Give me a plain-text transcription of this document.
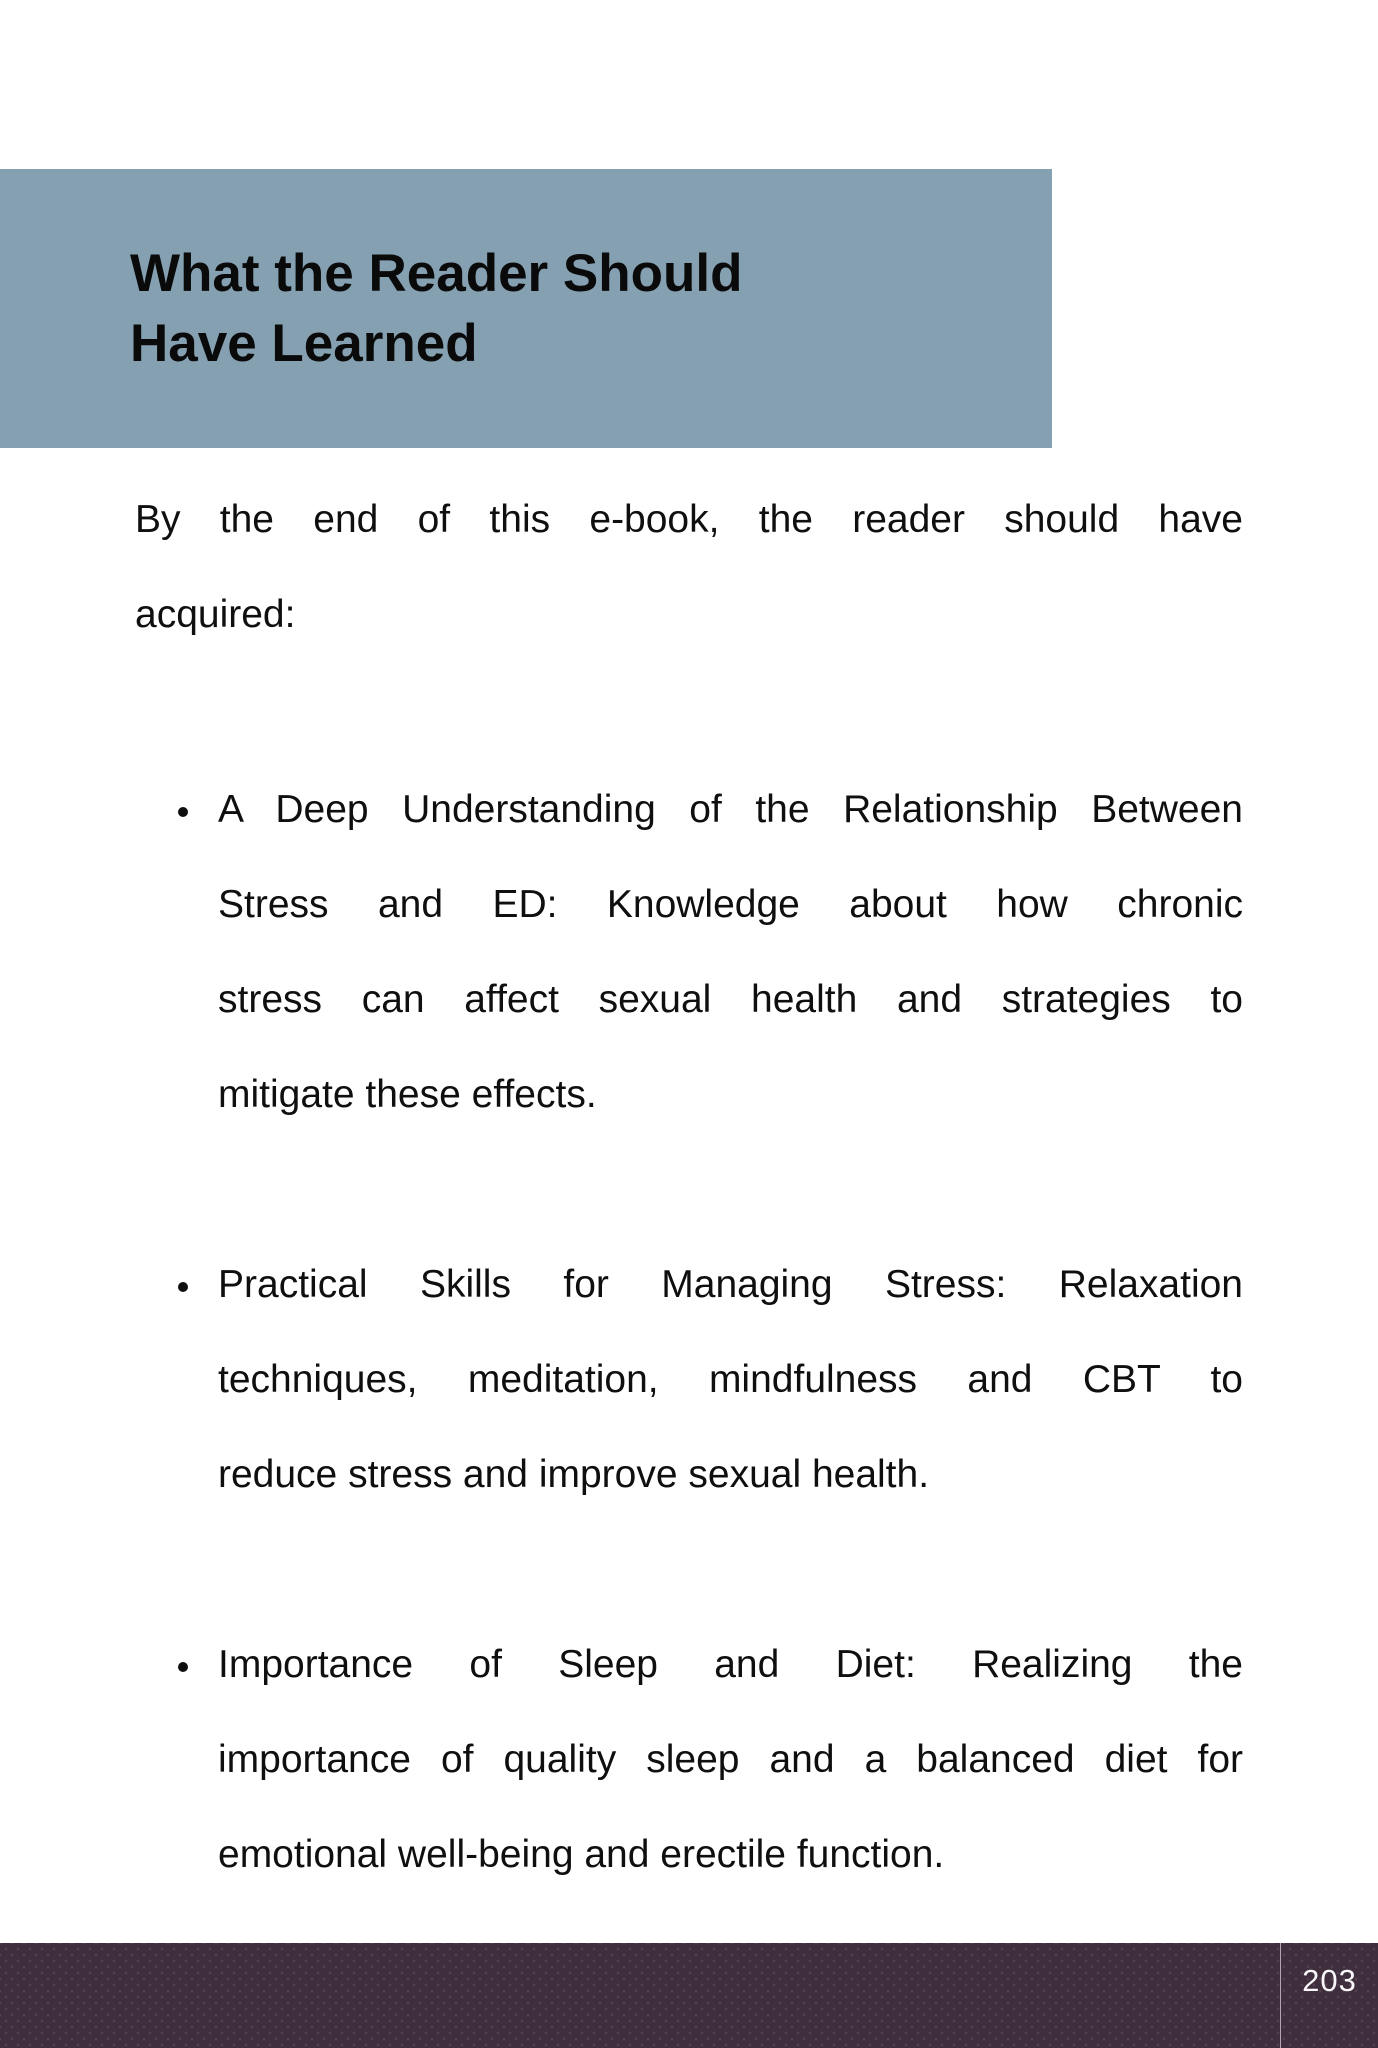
What the Reader Should Have Learned

By the end of this e-book, the reader should have
acquired:

A Deep Understanding of the Relationship Between
Stress and ED: Knowledge about how chronic
stress can affect sexual health and strategies to
mitigate these effects.
Practical Skills for Managing Stress: Relaxation
techniques, meditation, mindfulness and CBT to
reduce stress and improve sexual health.
Importance of Sleep and Diet: Realizing the
importance of quality sleep and a balanced diet for
emotional well-being and erectile function.
203
